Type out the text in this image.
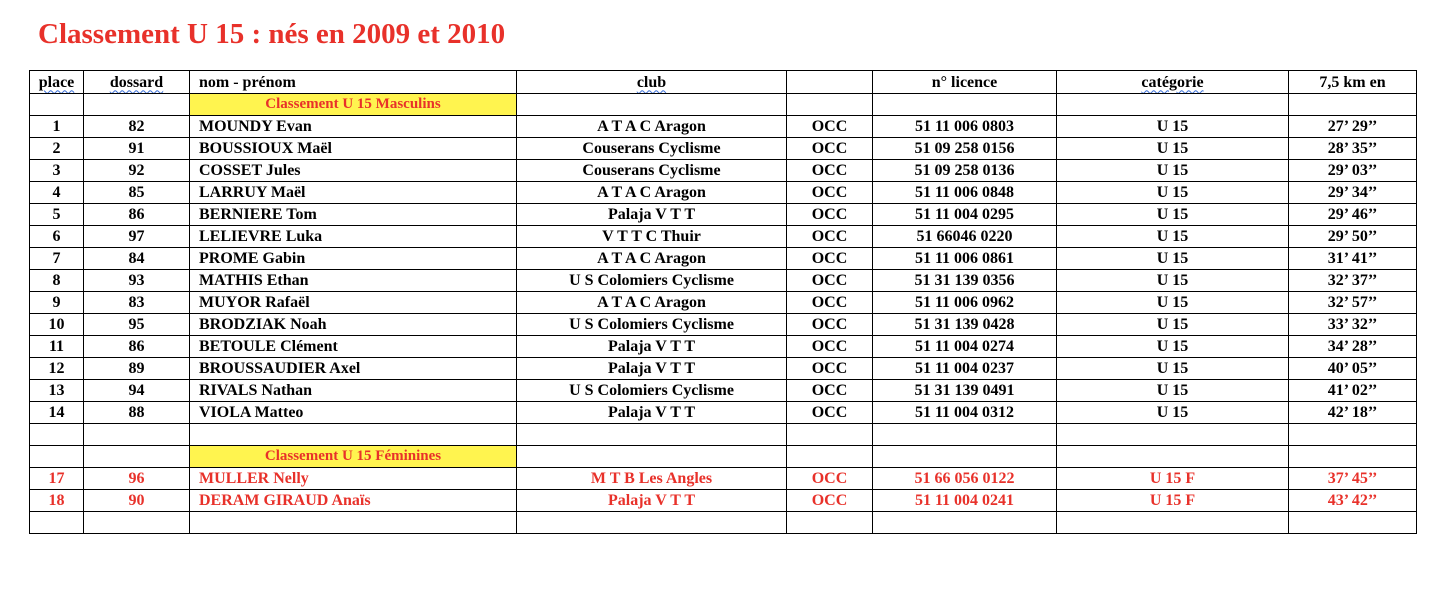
Classement U 15 : nés en 2009 et 2010
place	dossard	nom - prénom	club		n° licence	catégorie	7,5 km en
		Classement U 15 Masculins					
1	82	MOUNDY Evan	A T A C Aragon	OCC	51 11 006 0803	U 15	27’ 29’’
2	91	BOUSSIOUX Maël	Couserans Cyclisme	OCC	51 09 258 0156	U 15	28’ 35’’
3	92	COSSET Jules	Couserans Cyclisme	OCC	51 09 258 0136	U 15	29’ 03’’
4	85	LARRUY Maël	A T A C Aragon	OCC	51 11 006 0848	U 15	29’ 34’’
5	86	BERNIERE Tom	Palaja V T T	OCC	51 11 004 0295	U 15	29’ 46’’
6	97	LELIEVRE Luka	V T T C Thuir	OCC	51 66046 0220	U 15	29’ 50’’
7	84	PROME Gabin	A T A C Aragon	OCC	51 11 006 0861	U 15	31’ 41’’
8	93	MATHIS Ethan	U S Colomiers Cyclisme	OCC	51 31 139 0356	U 15	32’ 37’’
9	83	MUYOR Rafaël	A T A C Aragon	OCC	51 11 006 0962	U 15	32’ 57’’
10	95	BRODZIAK Noah	U S Colomiers Cyclisme	OCC	51 31 139 0428	U 15	33’ 32’’
11	86	BETOULE Clément	Palaja V T T	OCC	51 11 004 0274	U 15	34’ 28’’
12	89	BROUSSAUDIER Axel	Palaja V T T	OCC	51 11 004 0237	U 15	40’ 05’’
13	94	RIVALS Nathan	U S Colomiers Cyclisme	OCC	51 31 139 0491	U 15	41’ 02’’
14	88	VIOLA Matteo	Palaja V T T	OCC	51 11 004 0312	U 15	42’ 18’’

		Classement U 15 Féminines					
17	96	MULLER Nelly	M T B Les Angles	OCC	51 66 056 0122	U 15 F	37’ 45’’
18	90	DERAM GIRAUD Anaïs	Palaja V T T	OCC	51 11 004 0241	U 15 F	43’ 42’’
